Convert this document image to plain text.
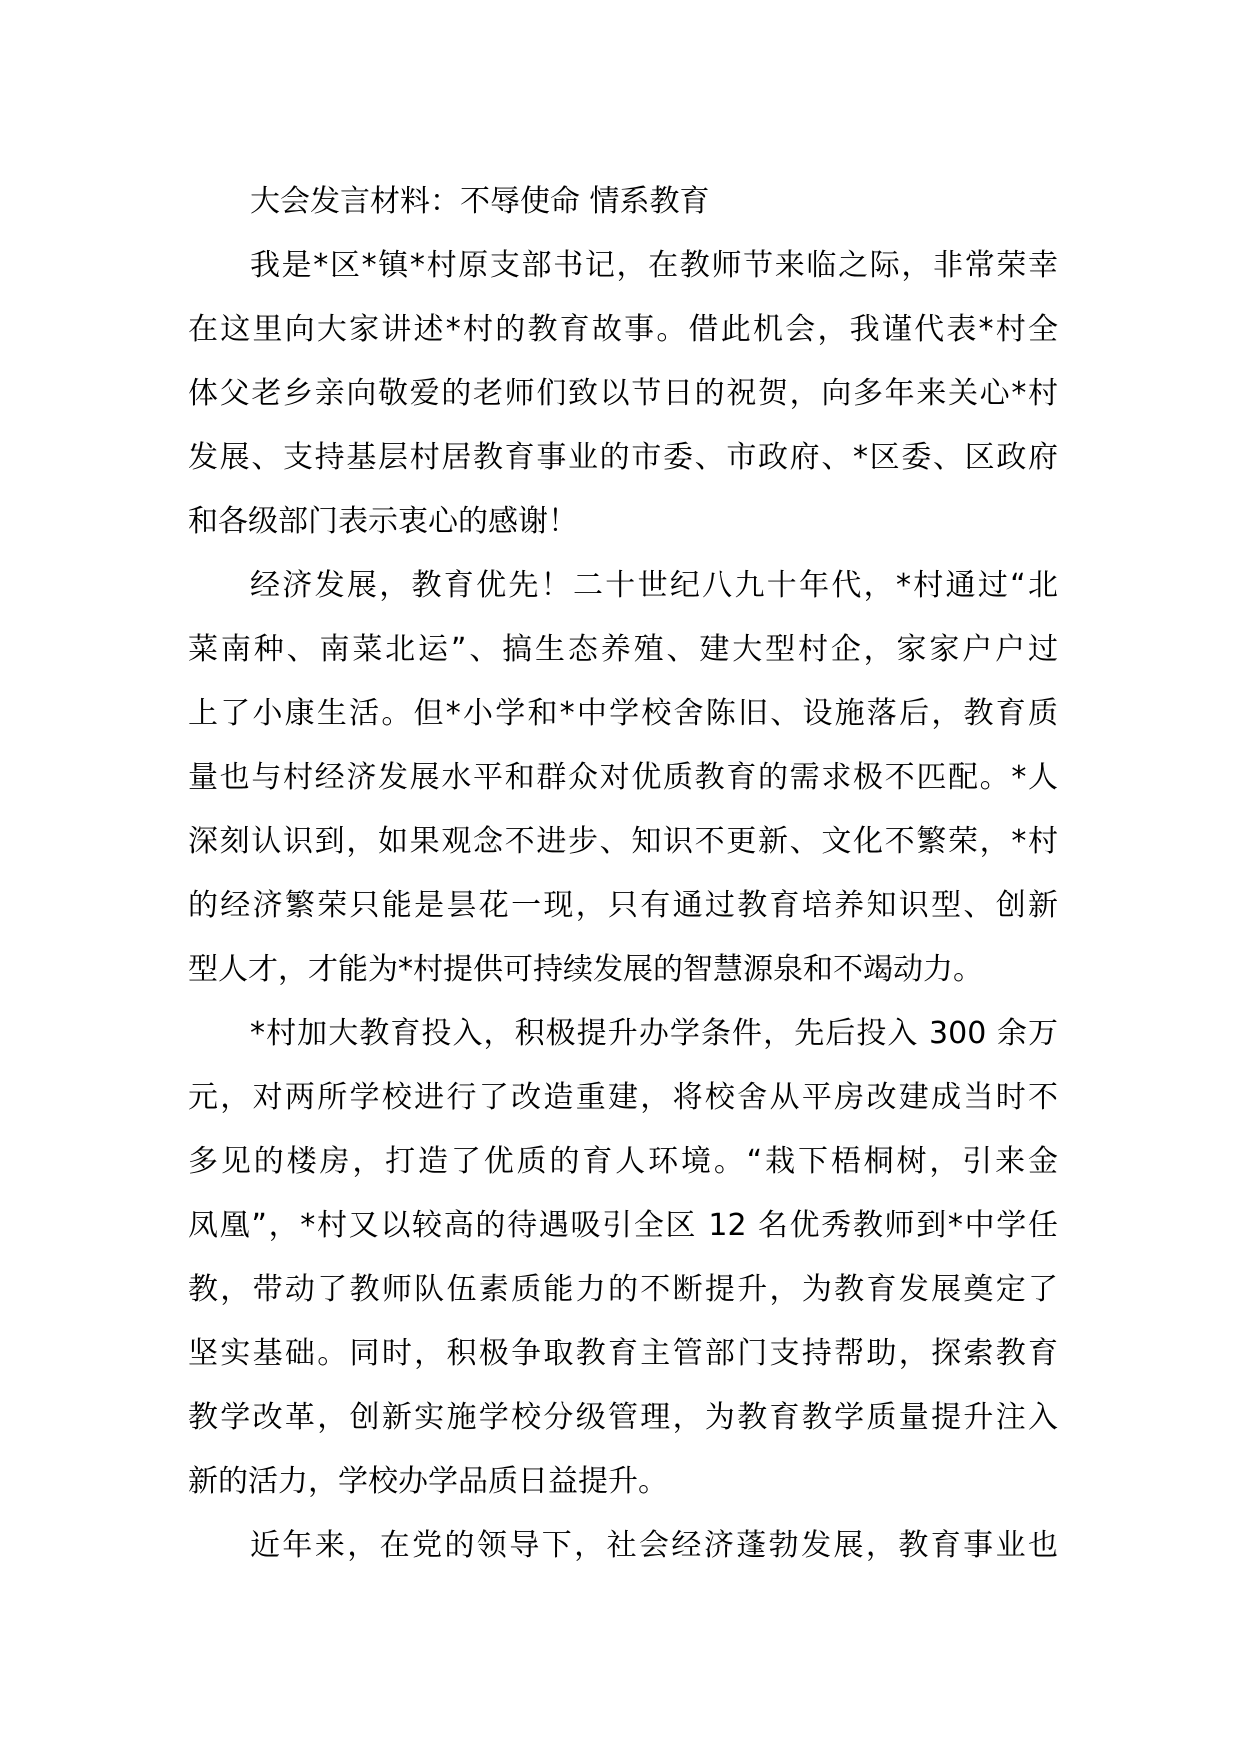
大会发言材料：不辱使命 情系教育
我是*区*镇*村原支部书记，在教师节来临之际，非常荣幸
在这里向大家讲述*村的教育故事。借此机会，我谨代表*村全
体父老乡亲向敬爱的老师们致以节日的祝贺，向多年来关心*村
发展、支持基层村居教育事业的市委、市政府、*区委、区政府
和各级部门表示衷心的感谢！
经济发展，教育优先！二十世纪八九十年代，*村通过“北
菜南种、南菜北运”、搞生态养殖、建大型村企，家家户户过
上了小康生活。但*小学和*中学校舍陈旧、设施落后，教育质
量也与村经济发展水平和群众对优质教育的需求极不匹配。*人
深刻认识到，如果观念不进步、知识不更新、文化不繁荣，*村
的经济繁荣只能是昙花一现，只有通过教育培养知识型、创新
型人才，才能为*村提供可持续发展的智慧源泉和不竭动力。
*村加大教育投入，积极提升办学条件，先后投入 300 余万
元，对两所学校进行了改造重建，将校舍从平房改建成当时不
多见的楼房，打造了优质的育人环境。“栽下梧桐树，引来金
凤凰”，*村又以较高的待遇吸引全区 12 名优秀教师到*中学任
教，带动了教师队伍素质能力的不断提升，为教育发展奠定了
坚实基础。同时，积极争取教育主管部门支持帮助，探索教育
教学改革，创新实施学校分级管理，为教育教学质量提升注入
新的活力，学校办学品质日益提升。
近年来，在党的领导下，社会经济蓬勃发展，教育事业也
